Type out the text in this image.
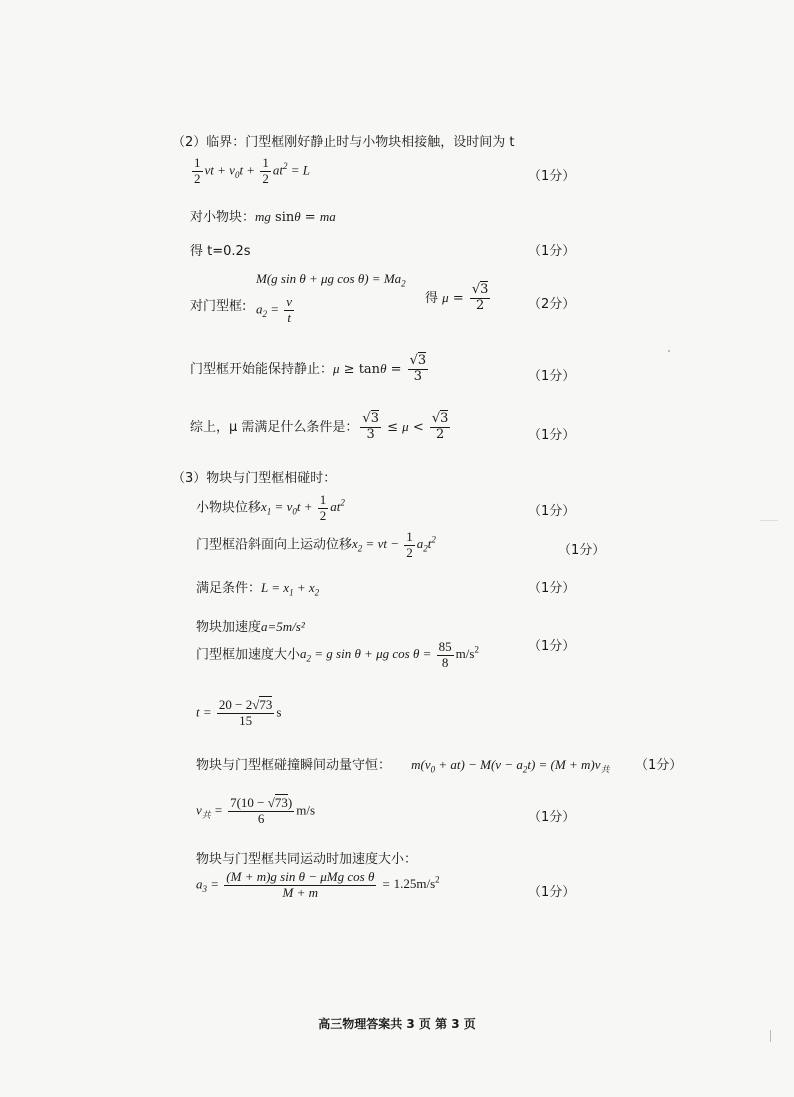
（2）临界：门型框刚好静止时与小物块相接触，设时间为 t
$\frac{1}{2}$ vt + $v_0t + \frac{1}{2} at^2 = L$	（1分）
对小物块：mg sinθ = ma
得 t=0.2s	（1分）
M(g sin θ + μg $\cos \theta) = Ma_2$
对门型框: $a_2 = \frac{v}{t}$	得 $\mu = \frac{√3}{2}$	（2分）
门型框开始能保持静止：$\mu \ge \tan\theta = \frac{√3}{3}$	（1分）
综上，μ 需满足什么条件是： $\frac{√3}{3} \le \mu < \frac{√3}{2}$	（1分）
（3）物块与门型框相碰时：
小物块位移$x_1 = v_0t + \frac{1}{2} at^2$
（1分）
门型框沿斜面向上运动位移$x_2$ = vt − $\frac{1}{2} a_2t^2$
（1分）
满足条件：$L = x_1 + x_2$	（1分）
物块加速度a=5m/s²
门型框加速度大小$a_2 = g$ sin θ + μg $\cos \theta = \frac{85}{8} m/s^2$	（1分）
$t = \frac{20 - 2√73}{15}$ s
物块与门型框碰撞瞬间动量守恒： $m(v_0 + at) - M(v - a_2t) = (M + m)v_共$ （1分）
$v_共 = \frac{7(10 - √73)}{6} m/s$
（1分）
物块与门型框共同运动时加速度大小：
$a_3 = \frac{\text{(M + m)g sin θ − μMg cos θ}}{M + m} = 1.25m/s^2$
（1分）
高三物理答案共 3 页 第 3 页
